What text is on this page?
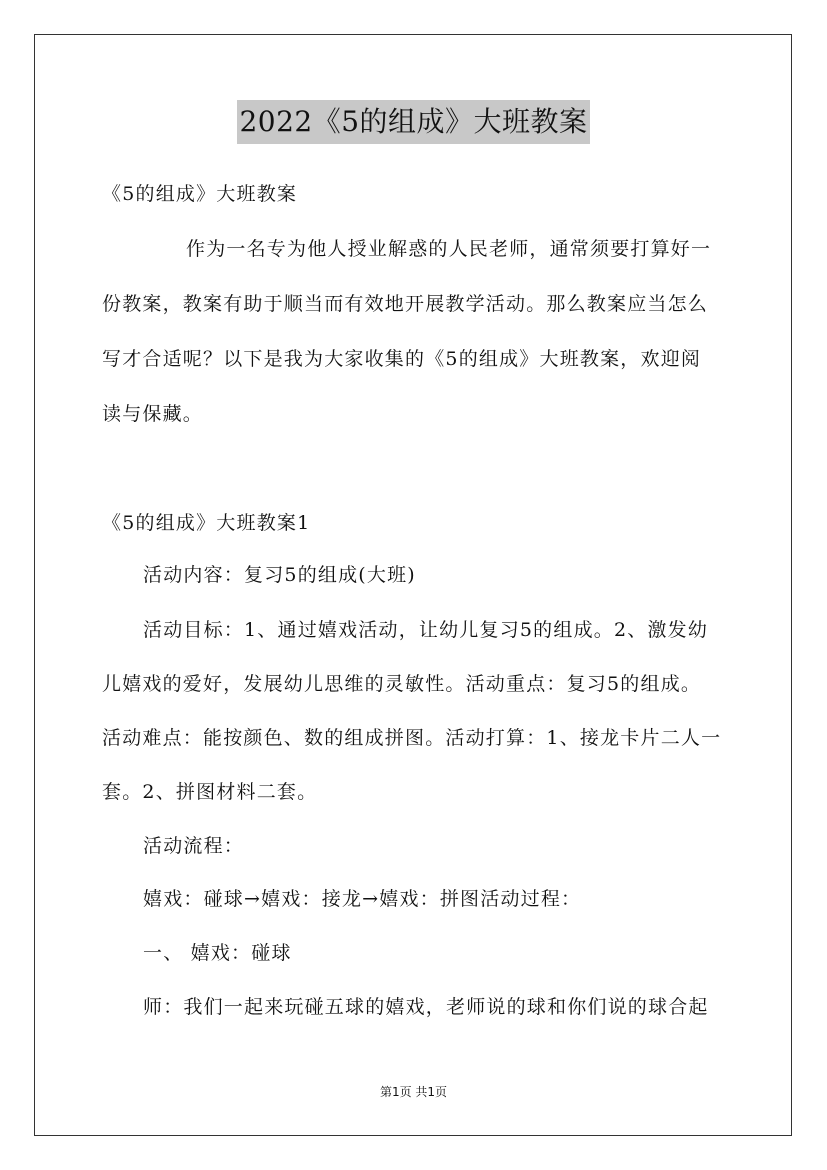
2022《5的组成》大班教案
《5的组成》大班教案
作为一名专为他人授业解惑的人民老师，通常须要打算好一
份教案，教案有助于顺当而有效地开展教学活动。那么教案应当怎么
写才合适呢？以下是我为大家收集的《5的组成》大班教案，欢迎阅
读与保藏。
《5的组成》大班教案1
活动内容：复习5的组成(大班)
活动目标：1、通过嬉戏活动，让幼儿复习5的组成。2、激发幼
儿嬉戏的爱好，发展幼儿思维的灵敏性。活动重点：复习5的组成。
活动难点：能按颜色、数的组成拼图。活动打算：1、接龙卡片二人一
套。2、拼图材料二套。
活动流程：
嬉戏：碰球→嬉戏：接龙→嬉戏：拼图活动过程：
一、 嬉戏：碰球
师：我们一起来玩碰五球的嬉戏，老师说的球和你们说的球合起
第1页 共1页
